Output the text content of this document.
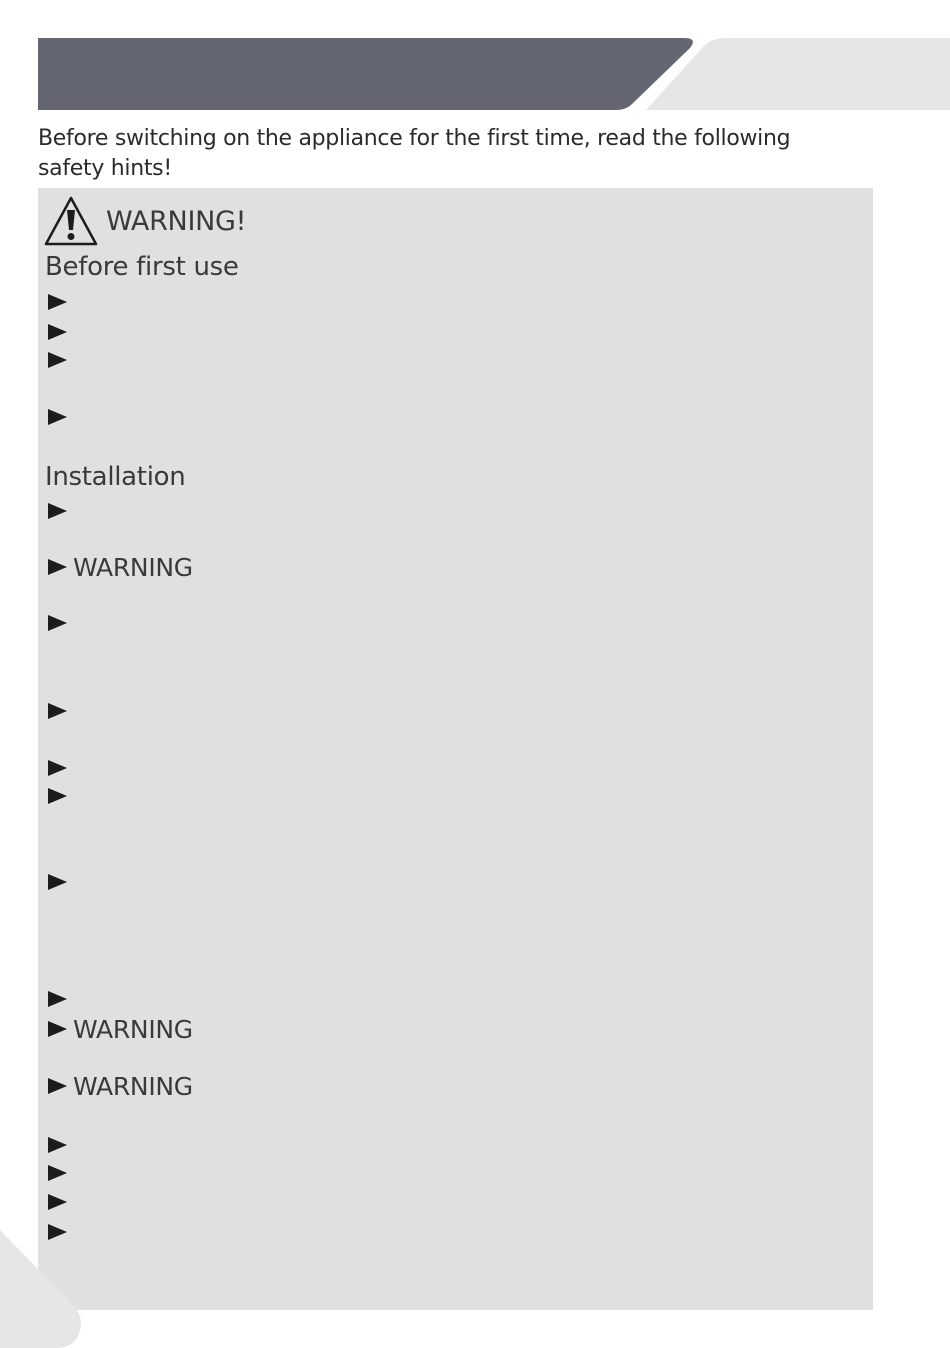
Before switching on the appliance for the first time, read the following safety hints!
WARNING!
Before first use
Installation
WARNING
WARNING
WARNING
